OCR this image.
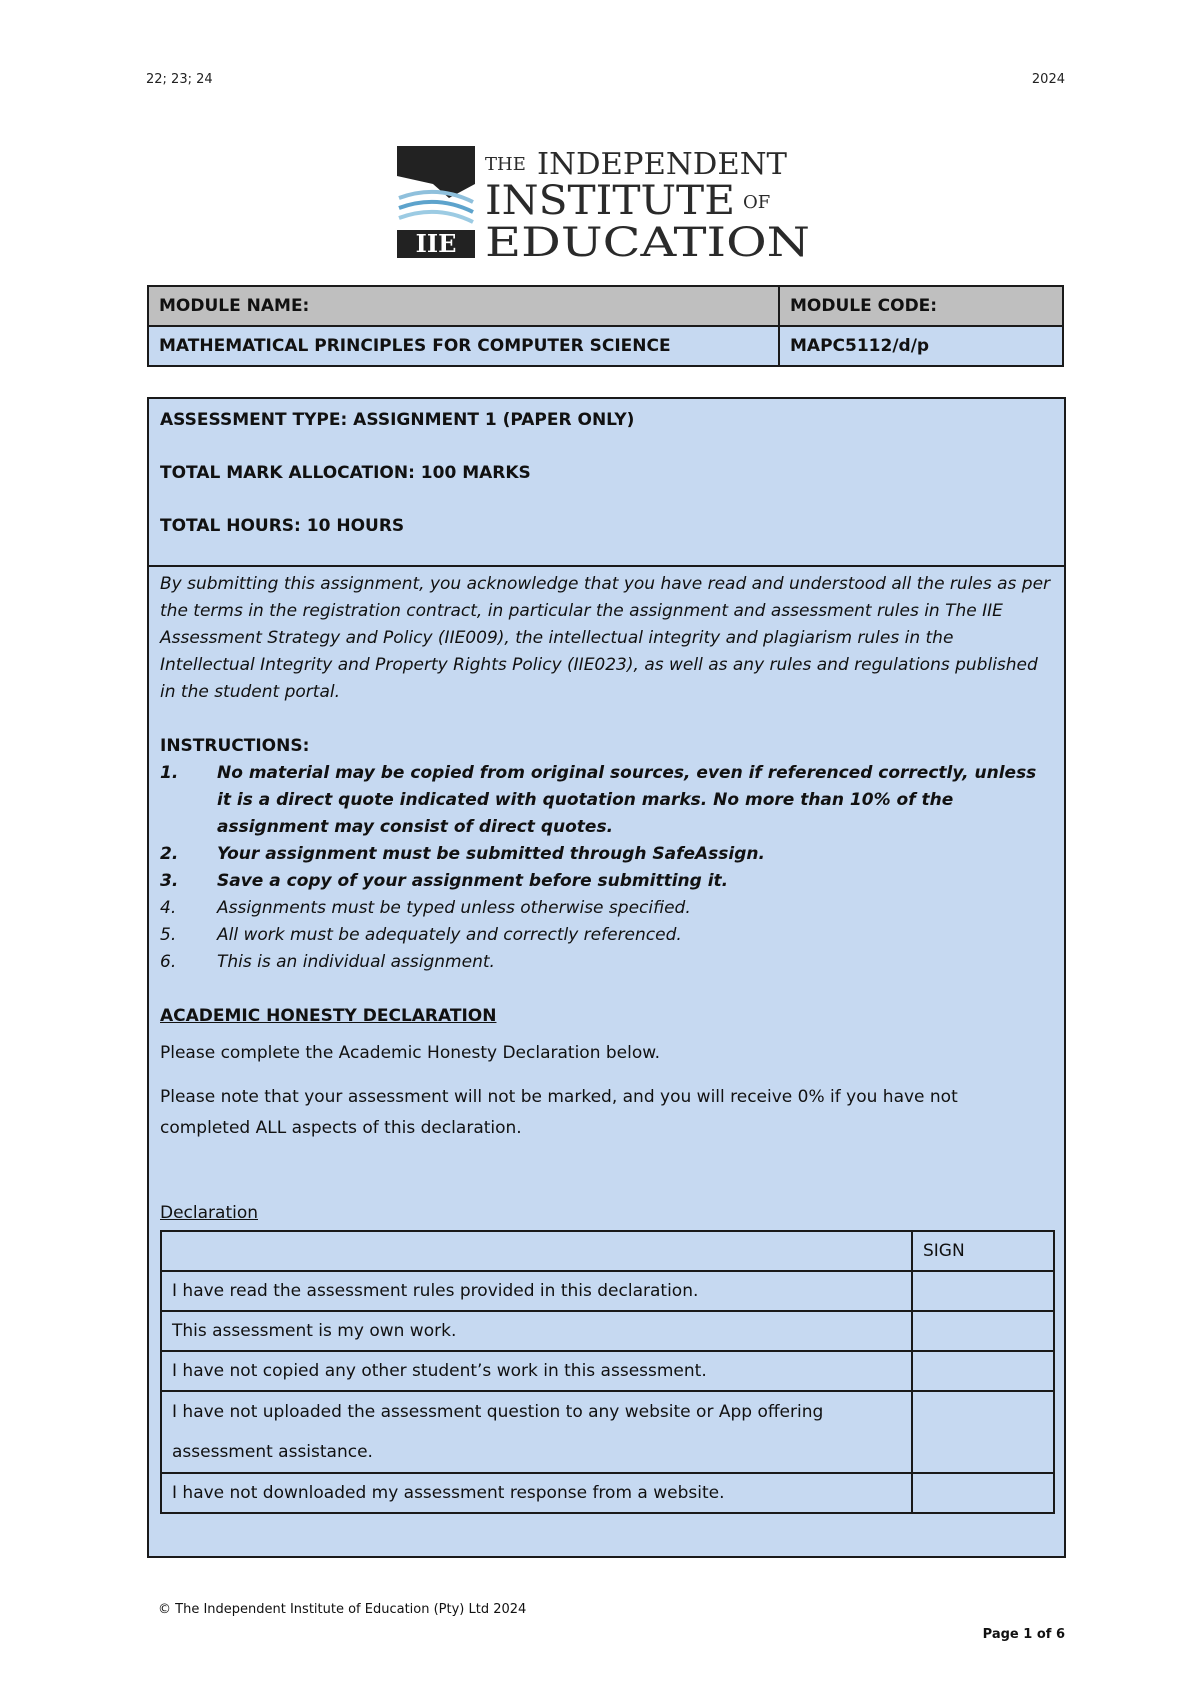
22; 23; 24	2024
IIE
THE INDEPENDENT
INSTITUTE OF
EDUCATION
MODULE NAME:	MODULE CODE:
MATHEMATICAL PRINCIPLES FOR COMPUTER SCIENCE	MAPC5112/d/p

ASSESSMENT TYPE: ASSIGNMENT 1 (PAPER ONLY)

TOTAL MARK ALLOCATION: 100 MARKS

TOTAL HOURS: 10 HOURS

By submitting this assignment, you acknowledge that you have read and understood all the rules as per the terms in the registration contract, in particular the assignment and assessment rules in The IIE Assessment Strategy and Policy (IIE009), the intellectual integrity and plagiarism rules in the Intellectual Integrity and Property Rights Policy (IIE023), as well as any rules and regulations published in the student portal.

INSTRUCTIONS:

1.	No material may be copied from original sources, even if referenced correctly, unless it is a direct quote indicated with quotation marks. No more than 10% of the assignment may consist of direct quotes.
2.	Your assignment must be submitted through SafeAssign.
3.	Save a copy of your assignment before submitting it.
4.	Assignments must be typed unless otherwise specified.
5.	All work must be adequately and correctly referenced.
6.	This is an individual assignment.

ACADEMIC HONESTY DECLARATION

Please complete the Academic Honesty Declaration below.

Please note that your assessment will not be marked, and you will receive 0% if you have not completed ALL aspects of this declaration.

Declaration

	SIGN
I have read the assessment rules provided in this declaration.	
This assessment is my own work.	
I have not copied any other student’s work in this assessment.	
I have not uploaded the assessment question to any website or App offering assessment assistance.	
I have not downloaded my assessment response from a website.	
© The Independent Institute of Education (Pty) Ltd 2024
Page 1 of 6
